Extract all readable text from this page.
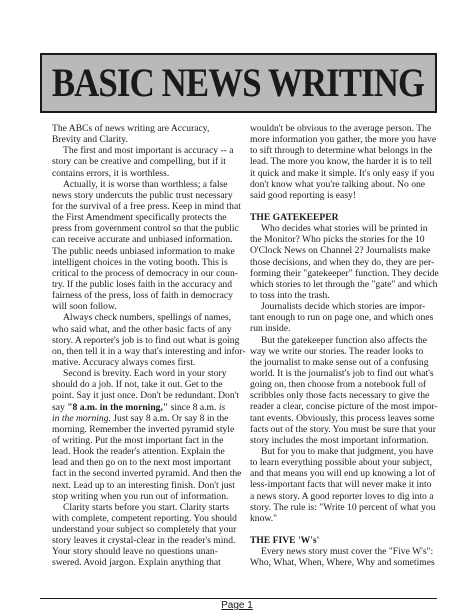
BASIC NEWS WRITING
The ABCs of news writing are Accuracy,
Brevity and Clarity.
The first and most important is accuracy -- a
story can be creative and compelling, but if it
contains errors, it is worthless.
Actually, it is worse than worthless; a false
news story undercuts the public trust necessary
for the survival of a free press. Keep in mind that
the First Amendment specifically protects the
press from government control so that the public
can receive accurate and unbiased information.
The public needs unbiased information to make
intelligent choices in the voting booth. This is
critical to the process of democracy in our coun-
try. If the public loses faith in the accuracy and
fairness of the press, loss of faith in democracy
will soon follow.
Always check numbers, spellings of names,
who said what, and the other basic facts of any
story. A reporter's job is to find out what is going
on, then tell it in a way that's interesting and infor-
mative. Accuracy always comes first.
Second is brevity. Each word in your story
should do a job. If not, take it out. Get to the
point. Say it just once. Don't be redundant. Don't
say "8 a.m. in the morning," since 8 a.m. is
in the morning. Just say 8 a.m. Or say 8 in the
morning. Remember the inverted pyramid style
of writing. Put the most important fact in the
lead. Hook the reader's attention. Explain the
lead and then go on to the next most important
fact in the second inverted pyramid. And then the
next. Lead up to an interesting finish. Don't just
stop writing when you run out of information.
Clarity starts before you start. Clarity starts
with complete, competent reporting. You should
understand your subject so completely that your
story leaves it crystal-clear in the reader's mind.
Your story should leave no questions unan-
swered. Avoid jargon. Explain anything that
wouldn't be obvious to the average person. The
more information you gather, the more you have
to sift through to determine what belongs in the
lead. The more you know, the harder it is to tell
it quick and make it simple. It's only easy if you
don't know what you're talking about. No one
said good reporting is easy!
THE GATEKEEPER
Who decides what stories will be printed in
the Monitor? Who picks the stories for the 10
O'Clock News on Channel 2? Journalists make
those decisions, and when they do, they are per-
forming their "gatekeeper" function. They decide
which stories to let through the "gate" and which
to toss into the trash.
Journalists decide which stories are impor-
tant enough to run on page one, and which ones
run inside.
But the gatekeeper function also affects the
way we write our stories. The reader looks to
the journalist to make sense out of a confusing
world. It is the journalist's job to find out what's
going on, then choose from a notebook full of
scribbles only those facts necessary to give the
reader a clear, concise picture of the most impor-
tant events. Obviously, this process leaves some
facts out of the story. You must be sure that your
story includes the most important information.
But for you to make that judgment, you have
to learn everything possible about your subject,
and that means you will end up knowing a lot of
less-important facts that will never make it into
a news story. A good reporter loves to dig into a
story. The rule is: "Write 10 percent of what you
know."
THE FIVE 'W's'
Every news story must cover the "Five W's":
Who, What, When, Where, Why and sometimes
Page 1
